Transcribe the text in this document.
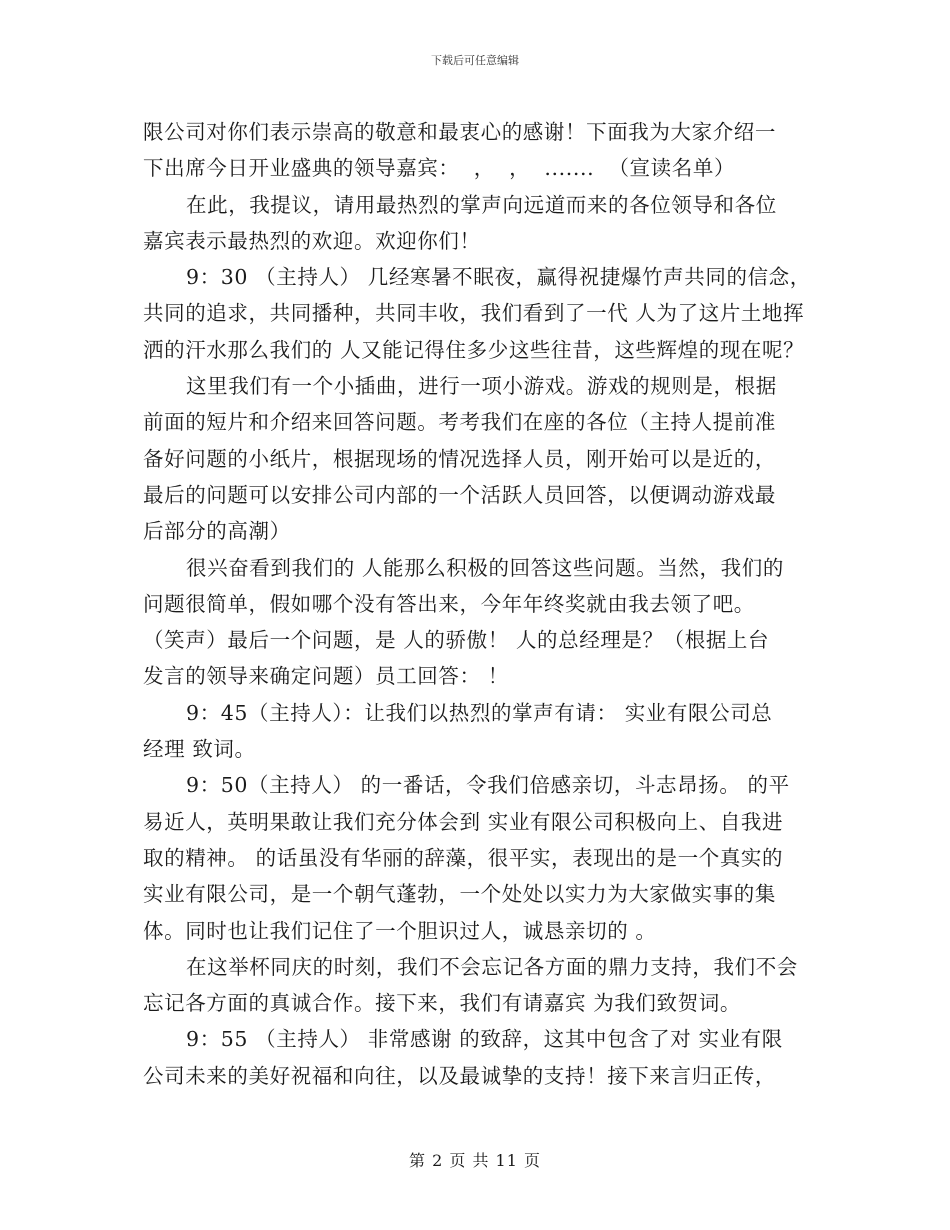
下载后可任意编辑
限公司对你们表示崇高的敬意和最衷心的感谢！下面我为大家介绍一
下出席今日开业盛典的领导嘉宾：  ，  ，  .......  （宣读名单）
在此，我提议，请用最热烈的掌声向远道而来的各位领导和各位
嘉宾表示最热烈的欢迎。欢迎你们！
9：30 （主持人） 几经寒暑不眠夜，赢得祝捷爆竹声共同的信念，
共同的追求，共同播种，共同丰收，我们看到了一代 人为了这片土地挥
洒的汗水那么我们的 人又能记得住多少这些往昔，这些辉煌的现在呢？
这里我们有一个小插曲，进行一项小游戏。游戏的规则是，根据
前面的短片和介绍来回答问题。考考我们在座的各位（主持人提前准
备好问题的小纸片，根据现场的情况选择人员，刚开始可以是近的，
最后的问题可以安排公司内部的一个活跃人员回答，以便调动游戏最
后部分的高潮）
很兴奋看到我们的 人能那么积极的回答这些问题。当然，我们的
问题很简单，假如哪个没有答出来，今年年终奖就由我去领了吧。
（笑声）最后一个问题，是 人的骄傲！ 人的总经理是？（根据上台
发言的领导来确定问题）员工回答： ！
9：45（主持人）：让我们以热烈的掌声有请： 实业有限公司总
经理 致词。
9：50（主持人） 的一番话，令我们倍感亲切，斗志昂扬。 的平
易近人，英明果敢让我们充分体会到 实业有限公司积极向上、自我进
取的精神。 的话虽没有华丽的辞藻，很平实，表现出的是一个真实的
实业有限公司，是一个朝气蓬勃，一个处处以实力为大家做实事的集
体。同时也让我们记住了一个胆识过人，诚恳亲切的 。
在这举杯同庆的时刻，我们不会忘记各方面的鼎力支持，我们不会
忘记各方面的真诚合作。接下来，我们有请嘉宾 为我们致贺词。
9：55 （主持人） 非常感谢 的致辞，这其中包含了对 实业有限
公司未来的美好祝福和向往，以及最诚挚的支持！接下来言归正传，
第 2 页 共 11 页
